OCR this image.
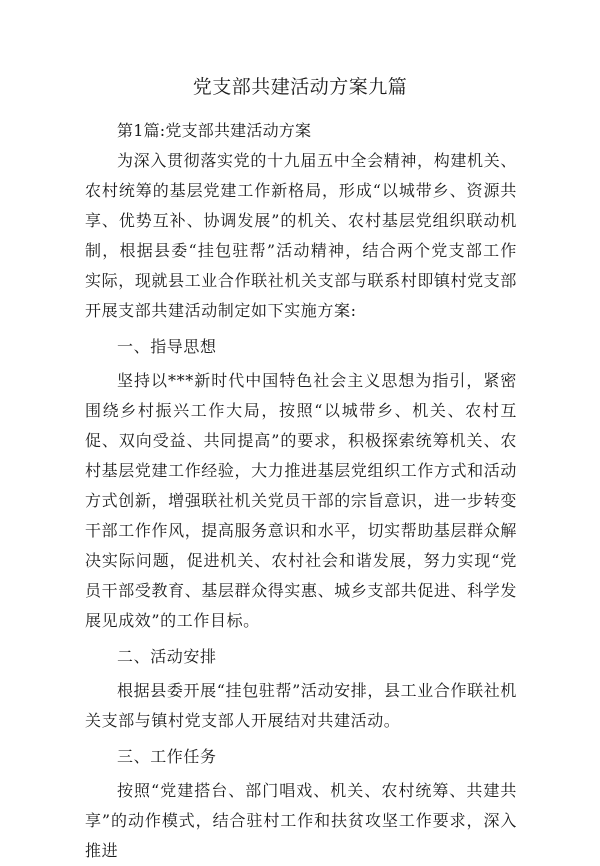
党支部共建活动方案九篇

第1篇:党支部共建活动方案

为深入贯彻落实党的十九届五中全会精神，构建机关、农村统筹的基层党建工作新格局，形成“以城带乡、资源共享、优势互补、协调发展”的机关、农村基层党组织联动机制，根据县委“挂包驻帮”活动精神，结合两个党支部工作实际，现就县工业合作联社机关支部与联系村即镇村党支部开展支部共建活动制定如下实施方案:

一、指导思想

坚持以***新时代中国特色社会主义思想为指引，紧密围绕乡村振兴工作大局，按照“以城带乡、机关、农村互促、双向受益、共同提高”的要求，积极探索统筹机关、农村基层党建工作经验，大力推进基层党组织工作方式和活动方式创新，增强联社机关党员干部的宗旨意识，进一步转变干部工作作风，提高服务意识和水平，切实帮助基层群众解决实际问题，促进机关、农村社会和谐发展，努力实现“党员干部受教育、基层群众得实惠、城乡支部共促进、科学发展见成效”的工作目标。

二、活动安排

根据县委开展“挂包驻帮”活动安排，县工业合作联社机关支部与镇村党支部人开展结对共建活动。

三、工作任务

按照“党建搭台、部门唱戏、机关、农村统筹、共建共享”的动作模式，结合驻村工作和扶贫攻坚工作要求，深入推进
